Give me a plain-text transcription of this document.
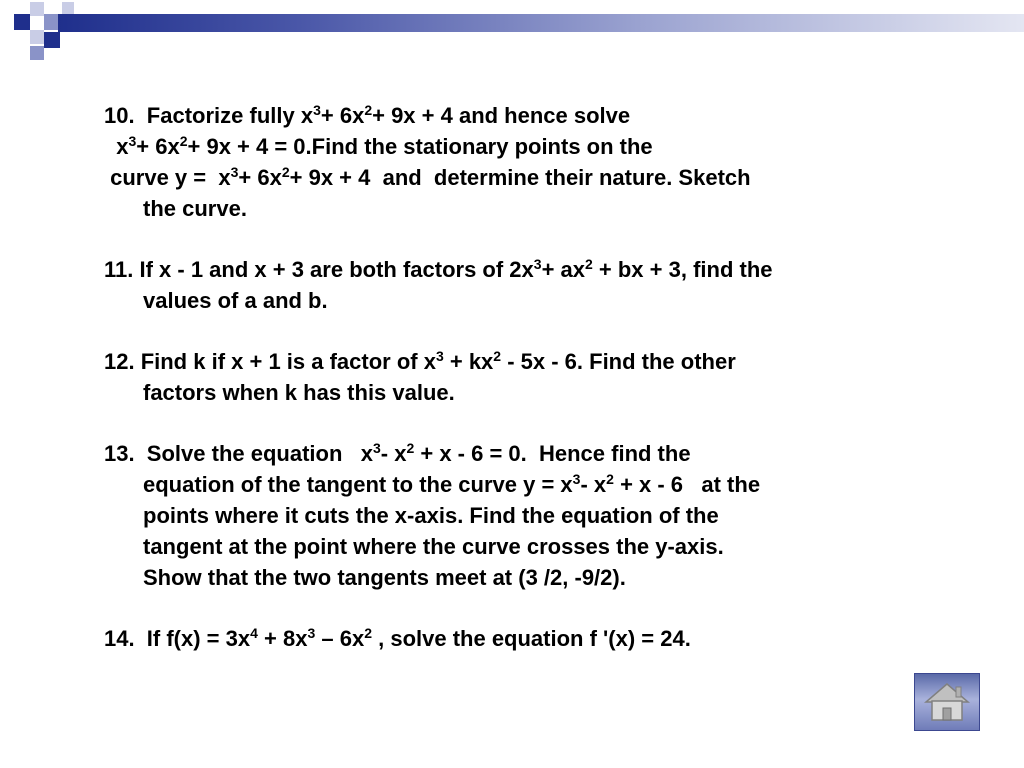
10.  Factorize fully $x^3+ 6x^2+ 9x + 4$ and hence solve
$x^3+ 6x^2+ 9x + 4$ = 0.Find the stationary points on the
curve $y = x^3+ 6x^2+ 9x + 4$  and  determine their nature. Sketch
the curve.
11. If x - 1 and x + 3 are both factors of $2x^3+ ax^2$ + bx + 3, find the
values of a and b.
12. Find k if x + 1 is a factor of $x^3 + kx^2 - 5x - 6$. Find the other
factors when k has this value.
13.  Solve the equation   $x^3-$ $x^2 + x - 6 = 0$.  Hence find the
equation of the tangent to the curve $y = x^3-$ $x^2 + x - 6$   at the
points where it cuts the x-axis. Find the equation of the
tangent at the point where the curve crosses the y-axis.
Show that the two tangents meet at (3 /2, -9/2).
14.  If $f(x) = 3x^4 + 8x^3 - 6x^2$ , solve the equation f '(x) = 24.
